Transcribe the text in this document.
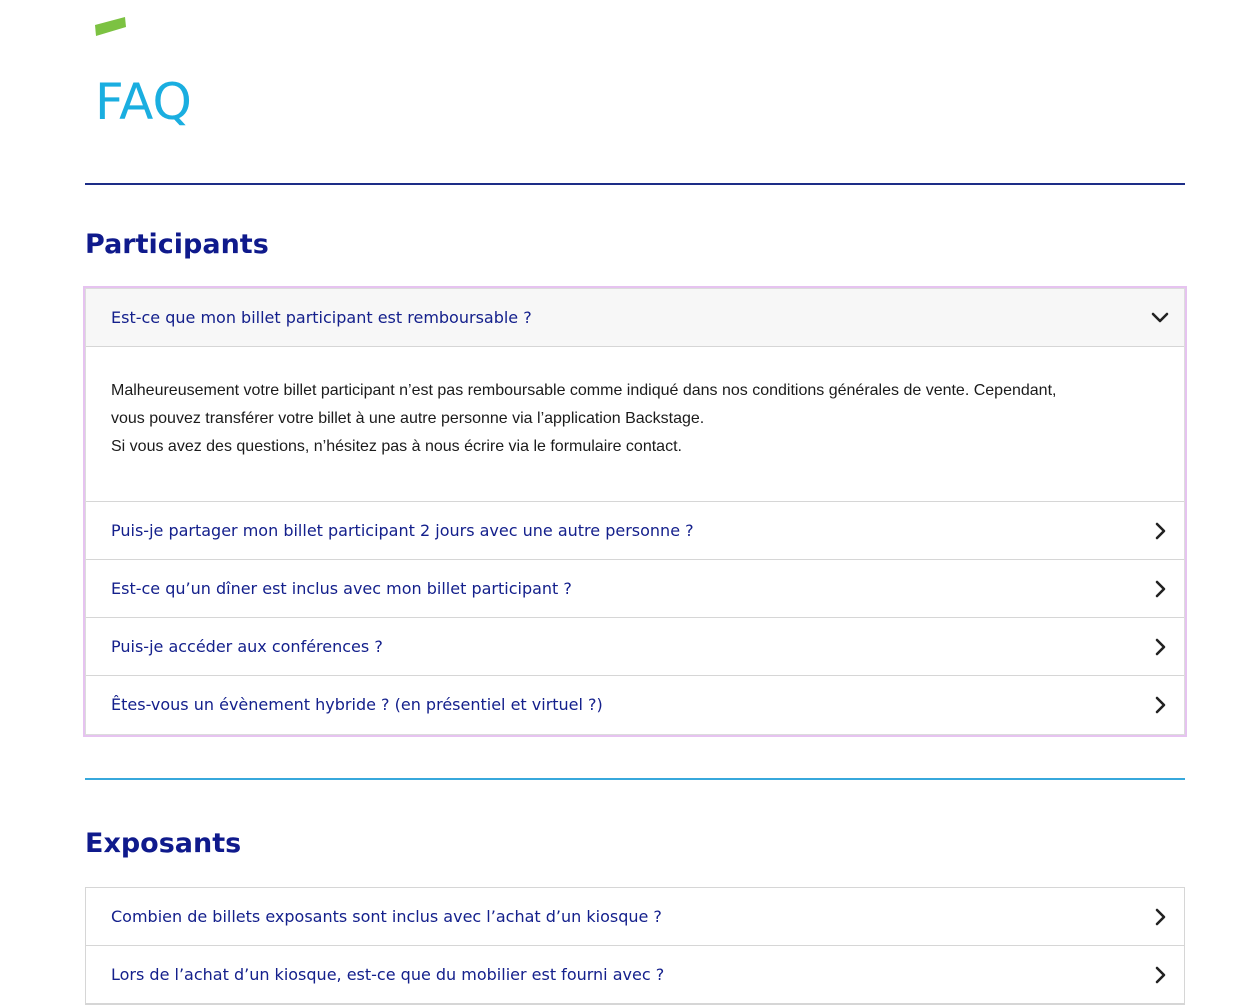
FAQ
Participants
Est-ce que mon billet participant est remboursable ?

Malheureusement votre billet participant n’est pas remboursable comme indiqué dans nos conditions générales de vente. Cependant,

vous pouvez transférer votre billet à une autre personne via l’application Backstage.

Si vous avez des questions, n’hésitez pas à nous écrire via le formulaire contact.

Puis-je partager mon billet participant 2 jours avec une autre personne ?
Est-ce qu’un dîner est inclus avec mon billet participant ?
Puis-je accéder aux conférences ?
Êtes-vous un évènement hybride ? (en présentiel et virtuel ?)
Exposants
Combien de billets exposants sont inclus avec l’achat d’un kiosque ?
Lors de l’achat d’un kiosque, est-ce que du mobilier est fourni avec ?
